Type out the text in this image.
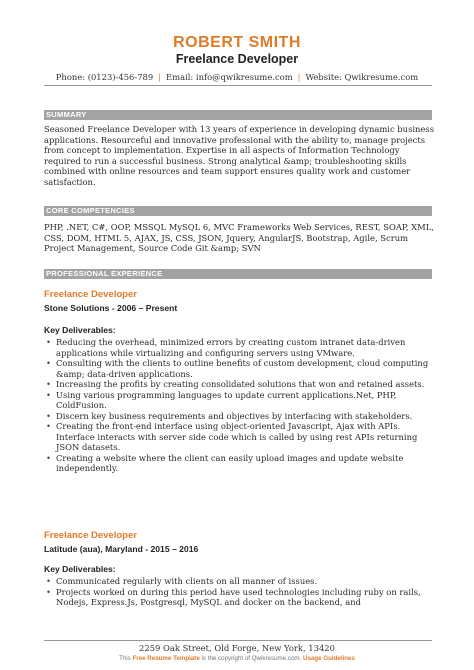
ROBERT SMITH
Freelance Developer
Phone: (0123)-456-789 | Email: info@qwikresume.com | Website: Qwikresume.com
SUMMARY
Seasoned Freelance Developer with 13 years of experience in developing dynamic business applications. Resourceful and innovative professional with the ability to, manage projects from concept to implementation. Expertise in all aspects of Information Technology required to run a successful business. Strong analytical &amp; troubleshooting skills combined with online resources and team support ensures quality work and customer satisfaction.
CORE COMPETENCIES
PHP, .NET, C#, OOP, MSSQL MySQL 6, MVC Frameworks Web Services, REST, SOAP, XML, CSS, DOM, HTML 5, AJAX, JS, CSS, JSON, Jquery, AngularJS, Bootstrap, Agile, Scrum Project Management, Source Code Git &amp; SVN
PROFESSIONAL EXPERIENCE
Freelance Developer
Stone Solutions - 2006 – Present
Key Deliverables:
• Reducing the overhead, minimized errors by creating custom intranet data-driven applications while virtualizing and configuring servers using VMware.
• Consulting with the clients to outline benefits of custom development, cloud computing &amp; data-driven applications.
• Increasing the profits by creating consolidated solutions that won and retained assets.
• Using various programming languages to update current applications.Net, PHP, ColdFusion.
• Discern key business requirements and objectives by interfacing with stakeholders.
• Creating the front-end interface using object-oriented Javascript, Ajax with APIs. Interface interacts with server side code which is called by using rest APIs returning JSON datasets.
• Creating a website where the client can easily upload images and update website independently.
Freelance Developer
Latitude (aua), Maryland - 2015 – 2016
Key Deliverables:
• Communicated regularly with clients on all manner of issues.
• Projects worked on during this period have used technologies including ruby on rails, Nodejs, Express.Js, Postgresql, MySQL and docker on the backend, and
2259 Oak Street, Old Forge, New York, 13420
This Free Resume Template is the copyright of Qwikresume.com. Usage Guidelines
